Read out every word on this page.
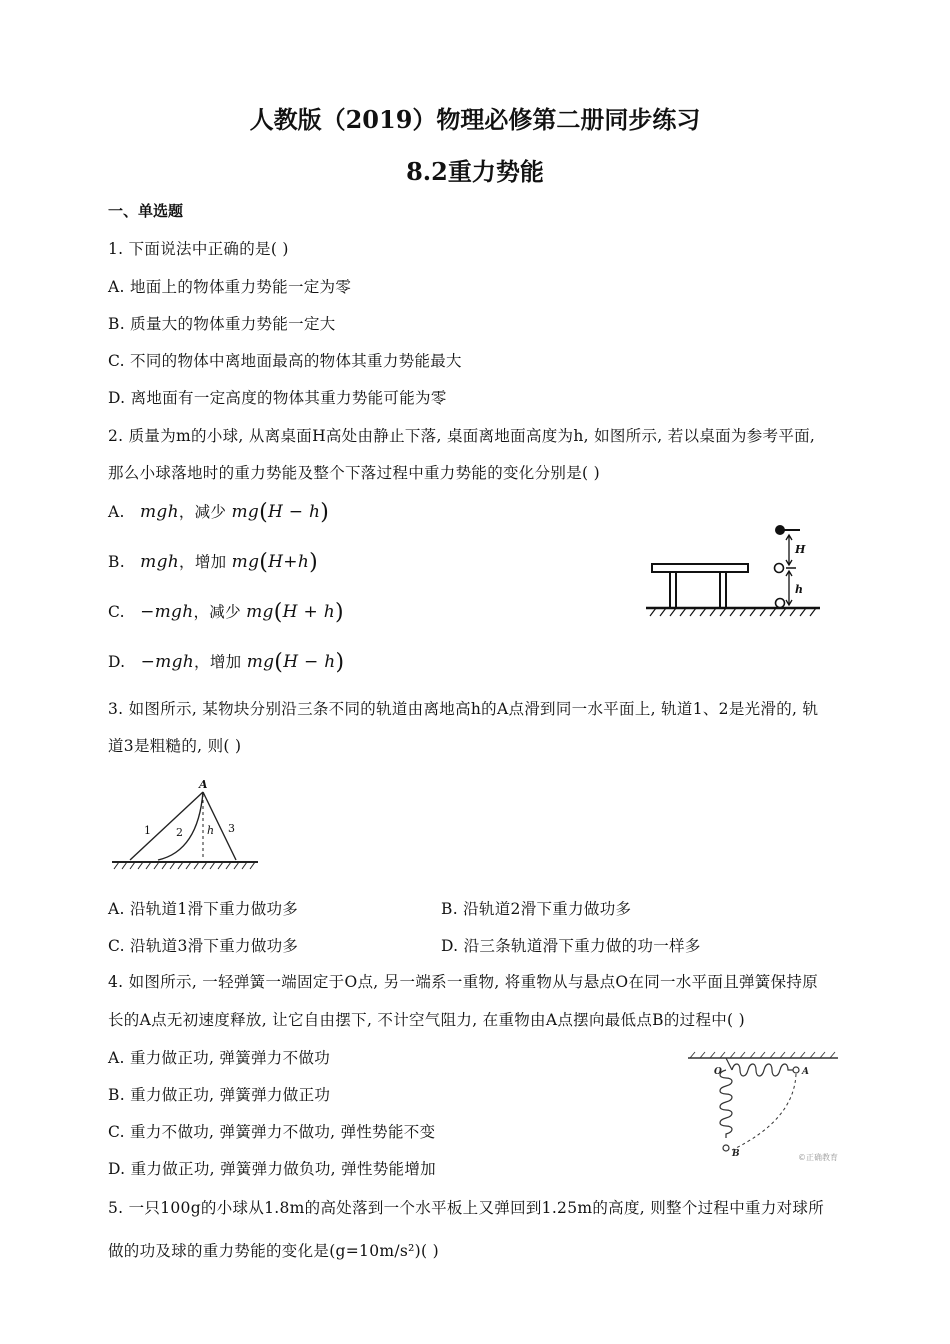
人教版（2019）物理必修第二册同步练习
8.2重力势能
一、单选题
1. 下面说法中正确的是( )
A. 地面上的物体重力势能一定为零
B. 质量大的物体重力势能一定大
C. 不同的物体中离地面最高的物体其重力势能最大
D. 离地面有一定高度的物体其重力势能可能为零
2. 质量为m的小球, 从离桌面H高处由静止下落, 桌面离地面高度为h, 如图所示, 若以桌面为参考平面,
那么小球落地时的重力势能及整个下落过程中重力势能的变化分别是( )
A. mgh，减少 mg(H − h)
B. mgh，增加 mg(H+h)
C. −mgh，减少 mg(H + h)
D. −mgh，增加 mg(H − h)
H
h
3. 如图所示, 某物块分别沿三条不同的轨道由离地高h的A点滑到同一水平面上, 轨道1、2是光滑的, 轨
道3是粗糙的, 则( )
A
1 2 h 3
A. 沿轨道1滑下重力做功多	B. 沿轨道2滑下重力做功多
C. 沿轨道3滑下重力做功多	D. 沿三条轨道滑下重力做的功一样多
4. 如图所示, 一轻弹簧一端固定于O点, 另一端系一重物, 将重物从与悬点O在同一水平面且弹簧保持原
长的A点无初速度释放, 让它自由摆下, 不计空气阻力, 在重物由A点摆向最低点B的过程中( )
A. 重力做正功, 弹簧弹力不做功
B. 重力做正功, 弹簧弹力做正功
C. 重力不做功, 弹簧弹力不做功, 弹性势能不变
D. 重力做正功, 弹簧弹力做负功, 弹性势能增加
O	A
B	©正确教育
5. 一只100g的小球从1.8m的高处落到一个水平板上又弹回到1.25m的高度, 则整个过程中重力对球所
做的功及球的重力势能的变化是(g=10m/s²)( )
